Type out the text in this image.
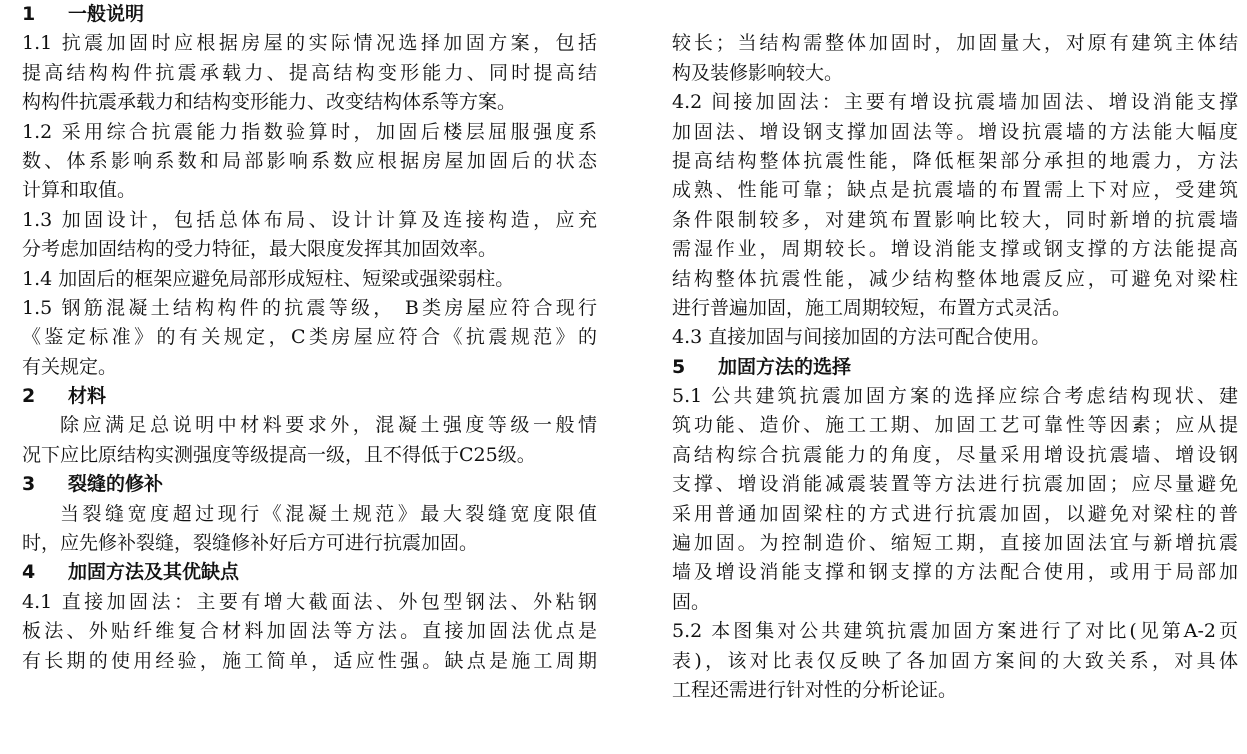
1 一般说明
1.1 抗震加固时应根据房屋的实际情况选择加固方案，包括
提高结构构件抗震承载力、提高结构变形能力、同时提高结
构构件抗震承载力和结构变形能力、改变结构体系等方案。
1.2 采用综合抗震能力指数验算时，加固后楼层屈服强度系
数、体系影响系数和局部影响系数应根据房屋加固后的状态
计算和取值。
1.3 加固设计，包括总体布局、设计计算及连接构造，应充
分考虑加固结构的受力特征，最大限度发挥其加固效率。
1.4 加固后的框架应避免局部形成短柱、短梁或强梁弱柱。
1.5 钢筋混凝土结构构件的抗震等级， B类房屋应符合现行
《鉴定标准》的有关规定，C类房屋应符合《抗震规范》的
有关规定。
2 材料
除应满足总说明中材料要求外，混凝土强度等级一般情
况下应比原结构实测强度等级提高一级，且不得低于C25级。
3 裂缝的修补
当裂缝宽度超过现行《混凝土规范》最大裂缝宽度限值
时，应先修补裂缝，裂缝修补好后方可进行抗震加固。
4 加固方法及其优缺点
4.1 直接加固法：主要有增大截面法、外包型钢法、外粘钢
板法、外贴纤维复合材料加固法等方法。直接加固法优点是
有长期的使用经验，施工简单，适应性强。缺点是施工周期
较长；当结构需整体加固时，加固量大，对原有建筑主体结
构及装修影响较大。
4.2 间接加固法：主要有增设抗震墙加固法、增设消能支撑
加固法、增设钢支撑加固法等。增设抗震墙的方法能大幅度
提高结构整体抗震性能，降低框架部分承担的地震力，方法
成熟、性能可靠；缺点是抗震墙的布置需上下对应，受建筑
条件限制较多，对建筑布置影响比较大，同时新增的抗震墙
需湿作业，周期较长。增设消能支撑或钢支撑的方法能提高
结构整体抗震性能，减少结构整体地震反应，可避免对梁柱
进行普遍加固，施工周期较短，布置方式灵活。
4.3 直接加固与间接加固的方法可配合使用。
5 加固方法的选择
5.1 公共建筑抗震加固方案的选择应综合考虑结构现状、建
筑功能、造价、施工工期、加固工艺可靠性等因素；应从提
高结构综合抗震能力的角度，尽量采用增设抗震墙、增设钢
支撑、增设消能减震装置等方法进行抗震加固；应尽量避免
采用普通加固梁柱的方式进行抗震加固，以避免对梁柱的普
遍加固。为控制造价、缩短工期，直接加固法宜与新增抗震
墙及增设消能支撑和钢支撑的方法配合使用，或用于局部加
固。
5.2 本图集对公共建筑抗震加固方案进行了对比(见第A-2页
表)，该对比表仅反映了各加固方案间的大致关系，对具体
工程还需进行针对性的分析论证。
